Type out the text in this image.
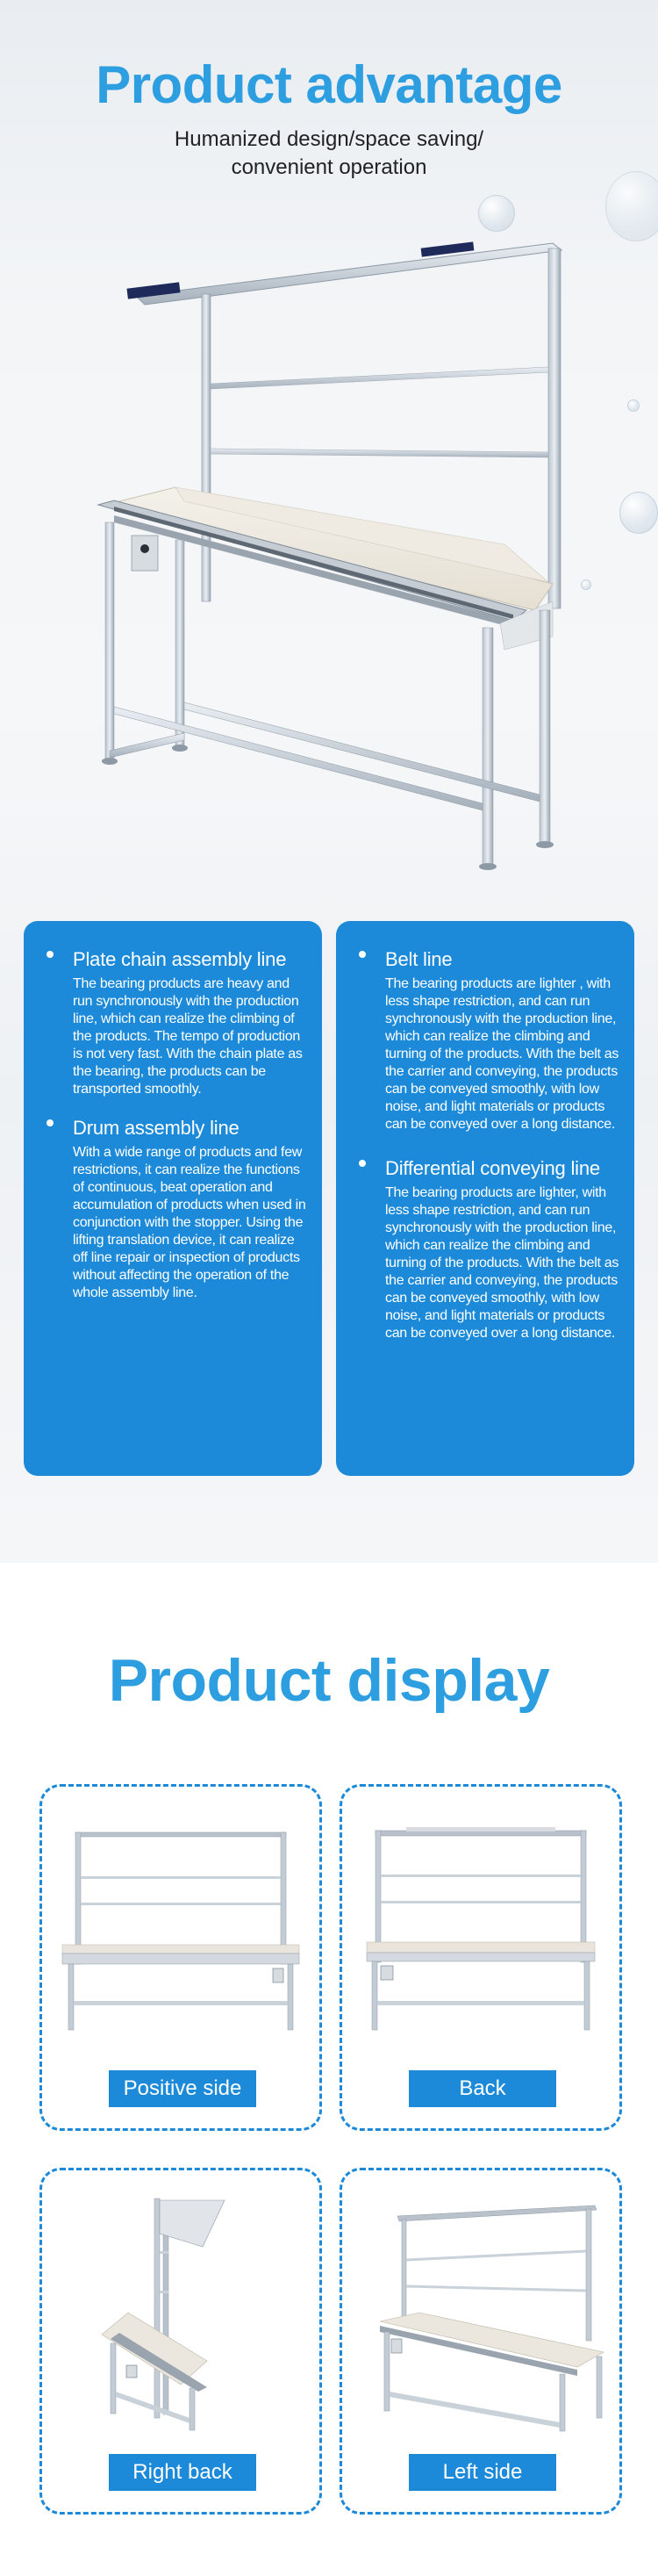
Product advantage

Humanized design/space saving/ convenient operation

Plate chain assembly line
The bearing products are heavy and run synchronously with the production line, which can realize the climbing of the products. The tempo of production is not very fast. With the chain plate as the bearing, the products can be transported smoothly.
Drum assembly line
With a wide range of products and few restrictions, it can realize the functions of continuous, beat operation and accumulation of products when used in conjunction with the stopper. Using the lifting translation device, it can realize off line repair or inspection of products without affecting the operation of the whole assembly line.
Belt line
The bearing products are lighter , with less shape restriction, and can run synchronously with the production line, which can realize the climbing and turning of the products. With the belt as the carrier and conveying, the products can be conveyed smoothly, with low noise, and light materials or products can be conveyed over a long distance.
Differential conveying line
The bearing products are lighter, with less shape restriction, and can run synchronously with the production line, which can realize the climbing and turning of the products. With the belt as the carrier and conveying, the products can be conveyed smoothly, with low noise, and light materials or products can be conveyed over a long distance.
Product display
Positive side	Back
Right back	Left side
